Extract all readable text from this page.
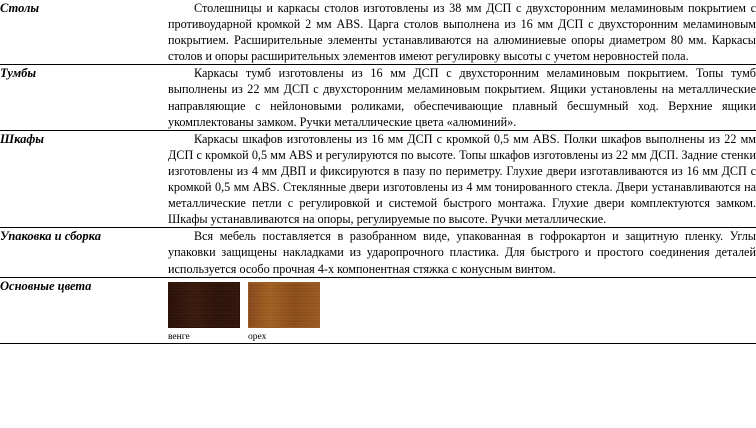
Столы	Столешницы и каркасы столов изготовлены из 38 мм ДСП с двухсторонним меламиновым покрытием с противоударной кромкой 2 мм ABS. Царга столов выполнена из 16 мм ДСП с двухсторонним меламиновым покрытием. Расширительные элементы устанавливаются на алюминиевые опоры диаметром 80 мм. Каркасы столов и опоры расширительных элементов имеют регулировку высоты с учетом неровностей пола.

Тумбы	Каркасы тумб изготовлены из 16 мм ДСП с двухсторонним меламиновым покрытием. Топы тумб выполнены из 22 мм ДСП с двухсторонним меламиновым покрытием. Ящики установлены на металлические направляющие с нейлоновыми роликами, обеспечивающие плавный бесшумный ход. Верхние ящики укомплектованы замком. Ручки металлические цвета «алюминий».

Шкафы	Каркасы шкафов изготовлены из 16 мм ДСП с кромкой 0,5 мм ABS. Полки шкафов выполнены из 22 мм ДСП с кромкой 0,5 мм ABS и регулируются по высоте. Топы шкафов изготовлены из 22 мм ДСП. Задние стенки изготовлены из 4 мм ДВП и фиксируются в пазу по периметру. Глухие двери изготавливаются из 16 мм ДСП с кромкой 0,5 мм ABS. Стеклянные двери изготовлены из 4 мм тонированного стекла. Двери устанавливаются на металлические петли с регулировкой и системой быстрого монтажа. Глухие двери комплектуются замком. Шкафы устанавливаются на опоры, регулируемые по высоте. Ручки металлические.

Упаковка и сборка	Вся мебель поставляется в разобранном виде, упакованная в гофрокартон и защитную пленку. Углы упаковки защищены накладками из ударопрочного пластика. Для быстрого и простого соединения деталей используется особо прочная 4-х компонентная стяжка с конусным винтом.

Основные цвета	венге орех
